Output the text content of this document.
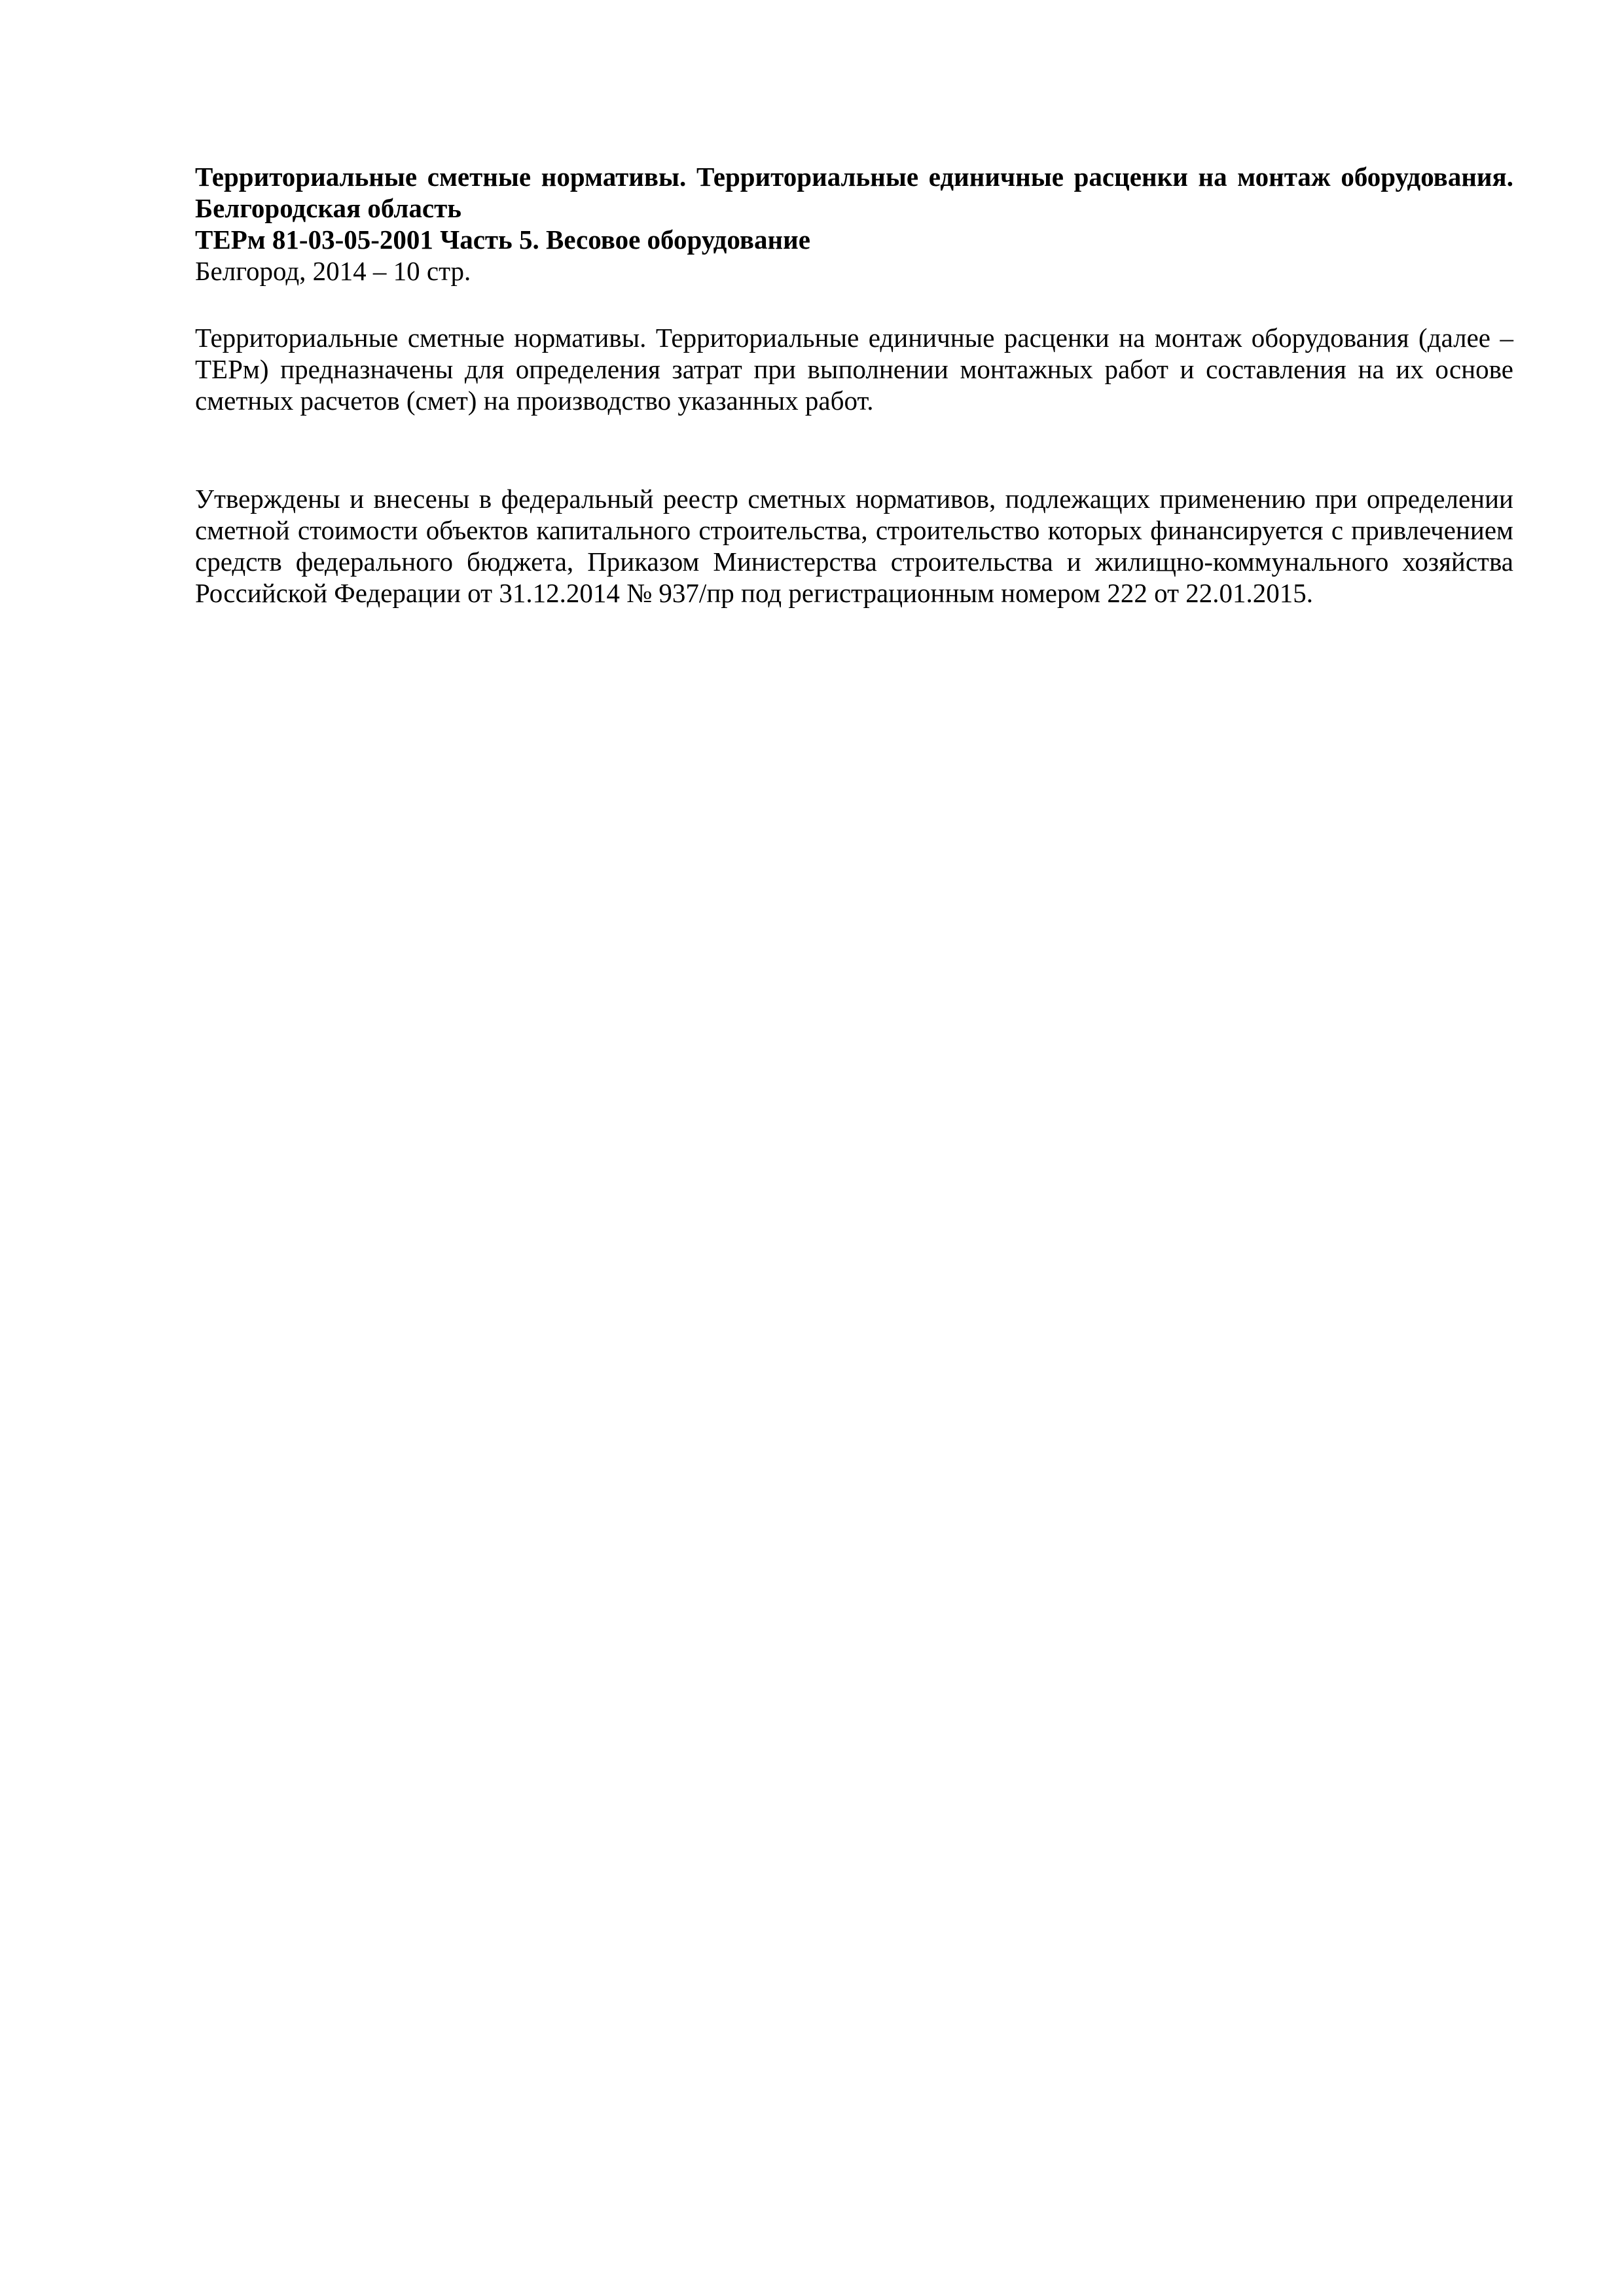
Территориальные сметные нормативы. Территориальные единичные расценки на монтаж оборудования. Белгородская область

ТЕРм 81-03-05-2001 Часть 5. Весовое оборудование

Белгород, 2014 – 10 стр.

Территориальные сметные нормативы. Территориальные единичные расценки на монтаж оборудования (далее – ТЕРм) предназначены для определения затрат при выполнении монтажных работ и составления на их основе сметных расчетов (смет) на производство указанных работ.

Утверждены и внесены в федеральный реестр сметных нормативов, подлежащих применению при определении сметной стоимости объектов капитального строительства, строительство которых финансируется с привлечением средств федерального бюджета, Приказом Министерства строительства и жилищно-коммунального хозяйства Российской Федерации от 31.12.2014 № 937/пр под регистрационным номером 222 от 22.01.2015.
